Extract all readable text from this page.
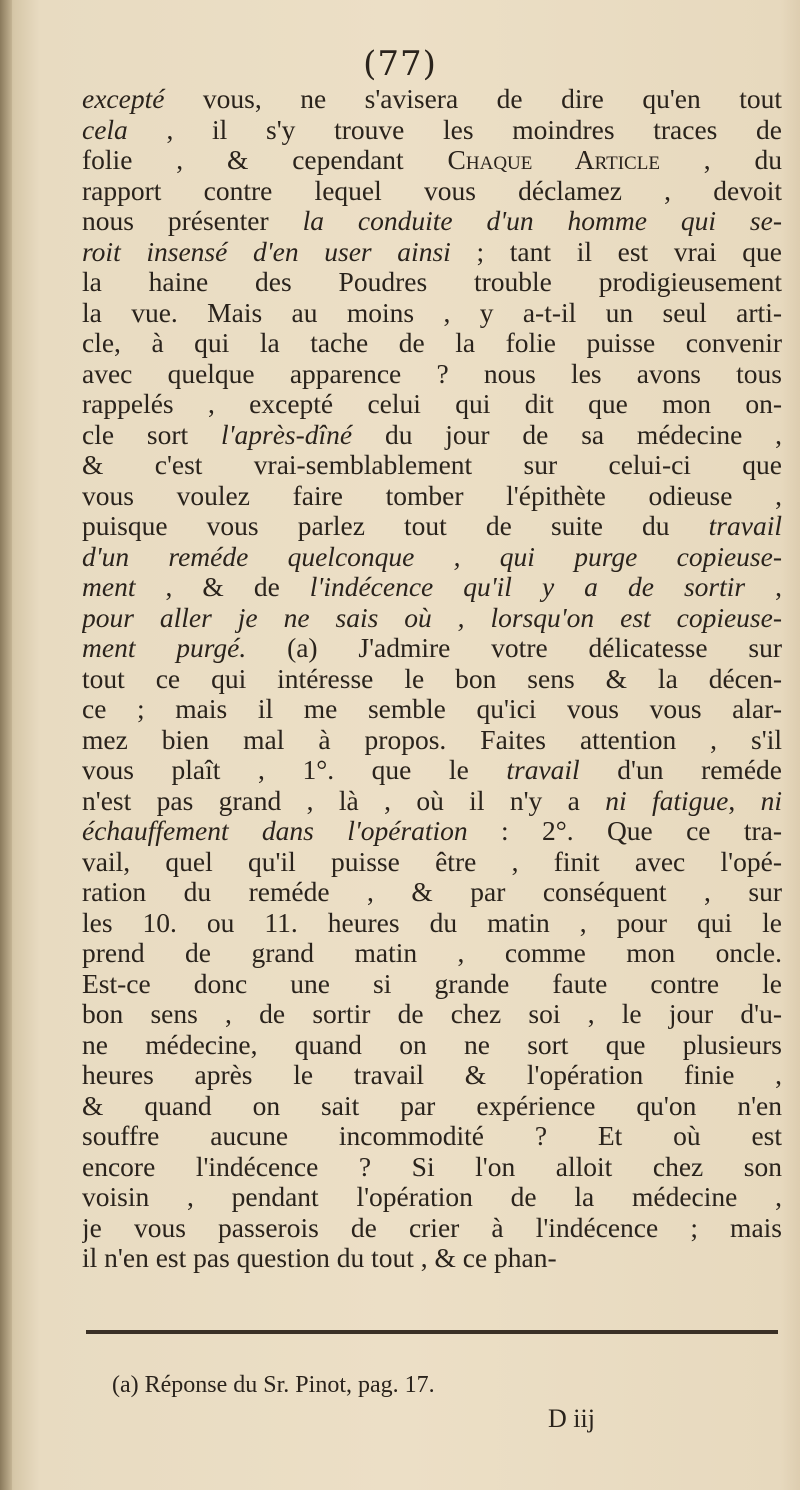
(77)
excepté vous, ne s'avisera de dire qu'en tout
cela , il s'y trouve les moindres traces de
folie , & cependant Chaque Article , du
rapport contre lequel vous déclamez , devoit
nous présenter la conduite d'un homme qui se-
roit insensé d'en user ainsi ; tant il est vrai que
la haine des Poudres trouble prodigieusement
la vue. Mais au moins , y a-t-il un seul arti-
cle, à qui la tache de la folie puisse convenir
avec quelque apparence ? nous les avons tous
rappelés , excepté celui qui dit que mon on-
cle sort l'après-dîné du jour de sa médecine ,
& c'est vrai-semblablement sur celui-ci que
vous voulez faire tomber l'épithète odieuse ,
puisque vous parlez tout de suite du travail
d'un reméde quelconque , qui purge copieuse-
ment , & de l'indécence qu'il y a de sortir ,
pour aller je ne sais où , lorsqu'on est copieuse-
ment purgé. (a) J'admire votre délicatesse sur
tout ce qui intéresse le bon sens & la décen-
ce ; mais il me semble qu'ici vous vous alar-
mez bien mal à propos. Faites attention , s'il
vous plaît , 1°. que le travail d'un reméde
n'est pas grand , là , où il n'y a ni fatigue, ni
échauffement dans l'opération : 2°. Que ce tra-
vail, quel qu'il puisse être , finit avec l'opé-
ration du reméde , & par conséquent , sur
les 10. ou 11. heures du matin , pour qui le
prend de grand matin , comme mon oncle.
Est-ce donc une si grande faute contre le
bon sens , de sortir de chez soi , le jour d'u-
ne médecine, quand on ne sort que plusieurs
heures après le travail & l'opération finie ,
& quand on sait par expérience qu'on n'en
souffre aucune incommodité ? Et où est
encore l'indécence ? Si l'on alloit chez son
voisin , pendant l'opération de la médecine ,
je vous passerois de crier à l'indécence ; mais
il n'en est pas question du tout , & ce phan-
(a) Réponse du Sr. Pinot, pag. 17.
D iij
